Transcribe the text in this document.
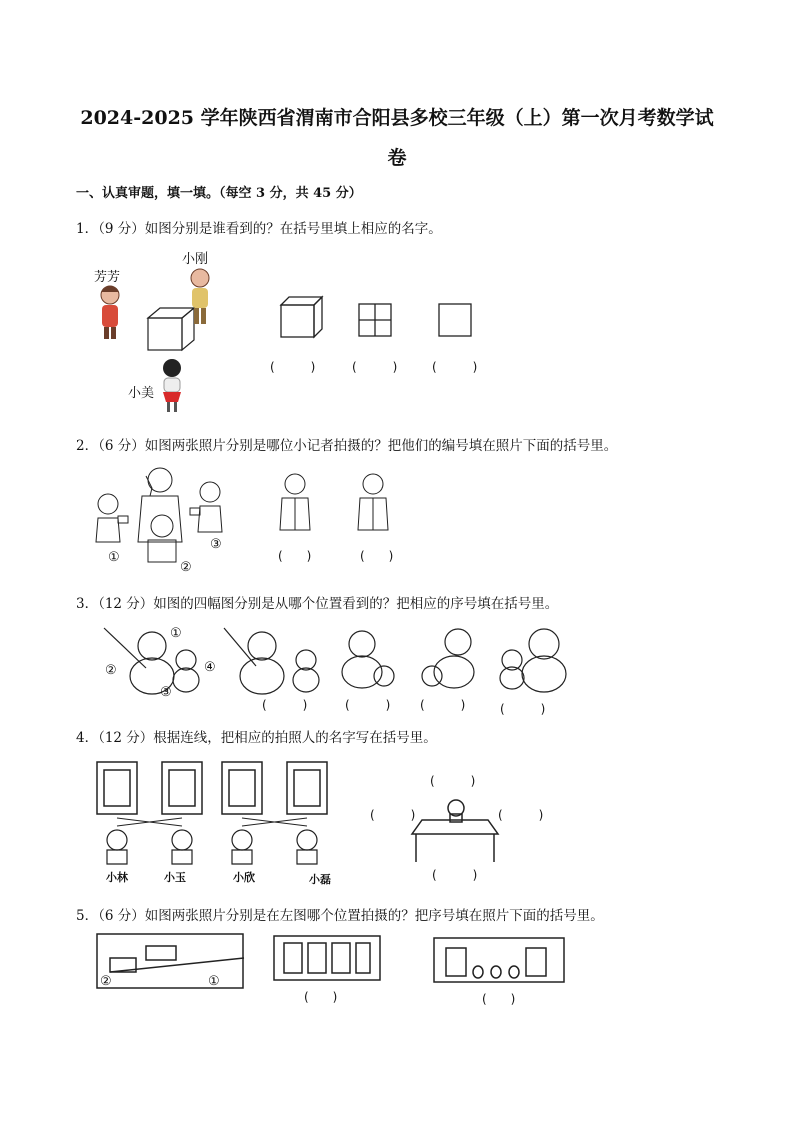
2024-2025 学年陕西省渭南市合阳县多校三年级（上）第一次月考数学试
卷
一、认真审题，填一填。（每空 3 分，共 45 分）
1．（9 分）如图分别是谁看到的？在括号里填上相应的名字。
芳芳
小刚
小美
(　　　)	(　　　)	(　　　)
2．（6 分）如图两张照片分别是哪位小记者拍摄的？把他们的编号填在照片下面的括号里。
①
②
③
(　　)	(　　)
3．（12 分）如图的四幅图分别是从哪个位置看到的？把相应的序号填在括号里。
①
②
③
④
(　　　)	(　　　) (　　　)	(　　　)
4．（12 分）根据连线，把相应的拍照人的名字写在括号里。
小林	小玉	小欣	小磊
(　　　)
(　　　)	(　　　)
(　　　)
5．（6 分）如图两张照片分别是在左图哪个位置拍摄的？把序号填在照片下面的括号里。
②	①
(　　)	(　　)
